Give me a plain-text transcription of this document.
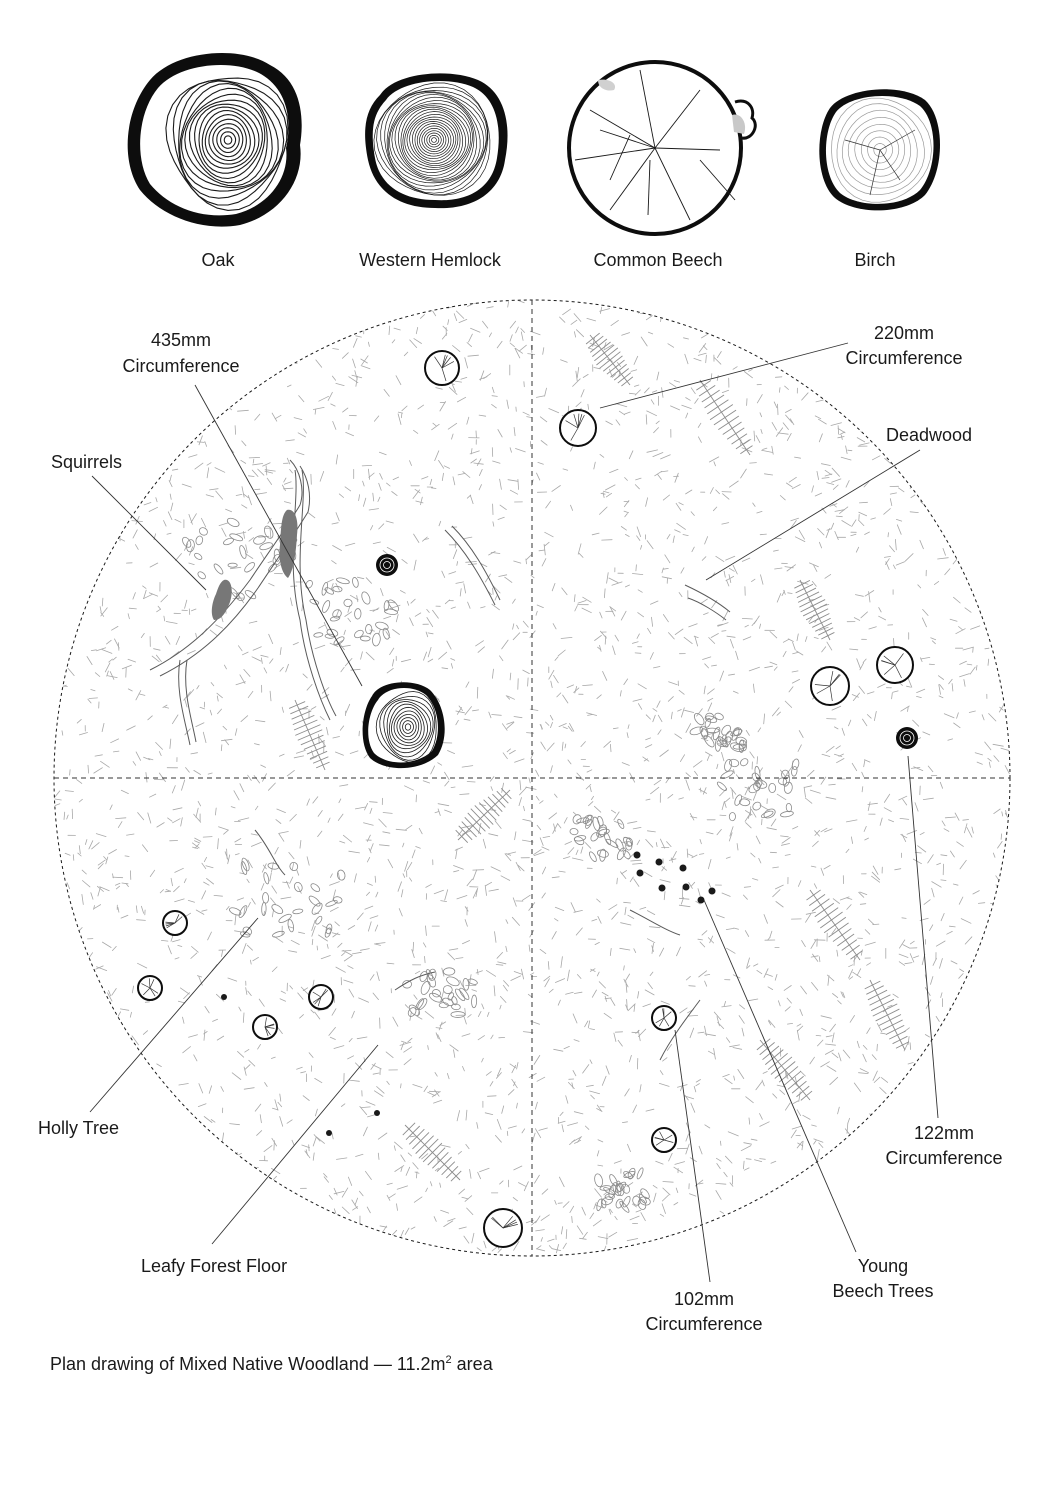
Oak	Western Hemlock	Common Beech	Birch
435mm
Circumference
220mm
Circumference
Squirrels
Deadwood
Holly Tree
Leafy Forest Floor
122mm
Circumference
Young
Beech Trees
102mm
Circumference
Plan drawing of Mixed Native Woodland — $11.2m^2$ area
